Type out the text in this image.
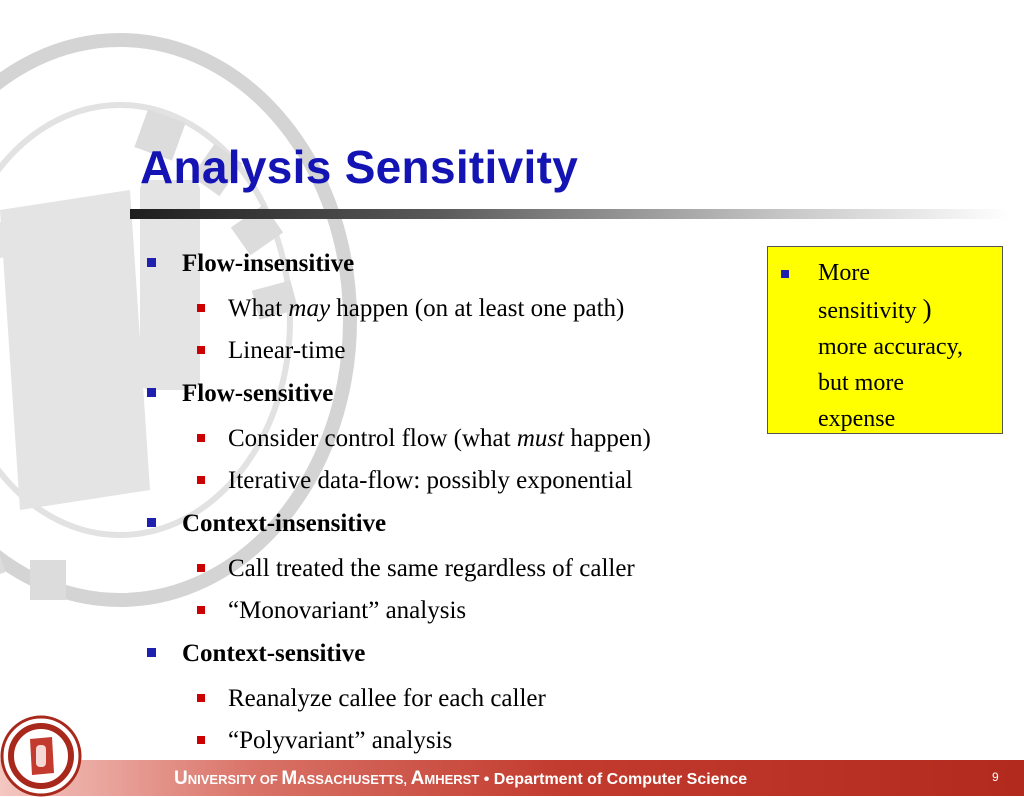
Analysis Sensitivity
Flow-insensitive
What may happen (on at least one path)
Linear-time
Flow-sensitive
Consider control flow (what must happen)
Iterative data-flow: possibly exponential
Context-insensitive
Call treated the same regardless of caller
“Monovariant” analysis
Context-sensitive
Reanalyze callee for each caller
“Polyvariant” analysis
More
sensitivity )
more accuracy,
but more
expense
UNIVERSITY OF MASSACHUSETTS, AMHERST • Department of Computer Science	9
